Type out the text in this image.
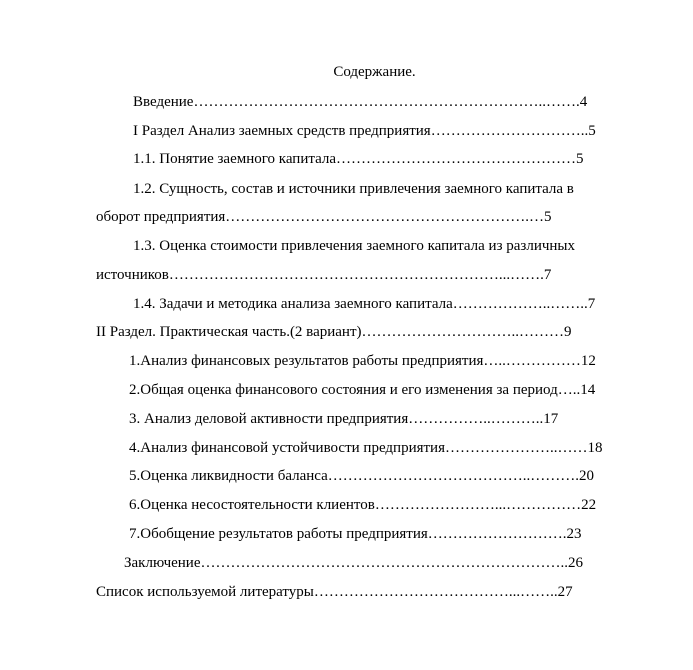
Содержание.
Введение……………………………………………………………..…….4
I Раздел Анализ заемных средств предприятия…………………………..5
1.1. Понятие заемного капитала…………………………………………5
1.2. Сущность, состав и источники привлечения заемного капитала в
оборот предприятия…………………………………………………….…5
1.3. Оценка стоимости привлечения заемного капитала из различных
источников…………………………………………………………...…….7
1.4. Задачи и методика анализа заемного капитала………………..……..7
II Раздел. Практическая часть.(2 вариант)…………………………..………9
1.Анализ финансовых результатов работы предприятия…..……………12
2.Общая оценка финансового состояния и его изменения за период…..14
3. Анализ деловой активности предприятия……………..………..17
4.Анализ финансовой устойчивости предприятия…………………..……18
5.Оценка ликвидности баланса…………………………………..……….20
6.Оценка несостоятельности клиентов……………………...……………22
7.Обобщение результатов работы предприятия……………………….23
Заключение………………………………………………………………..26
Список используемой литературы…………………………………...……..27
